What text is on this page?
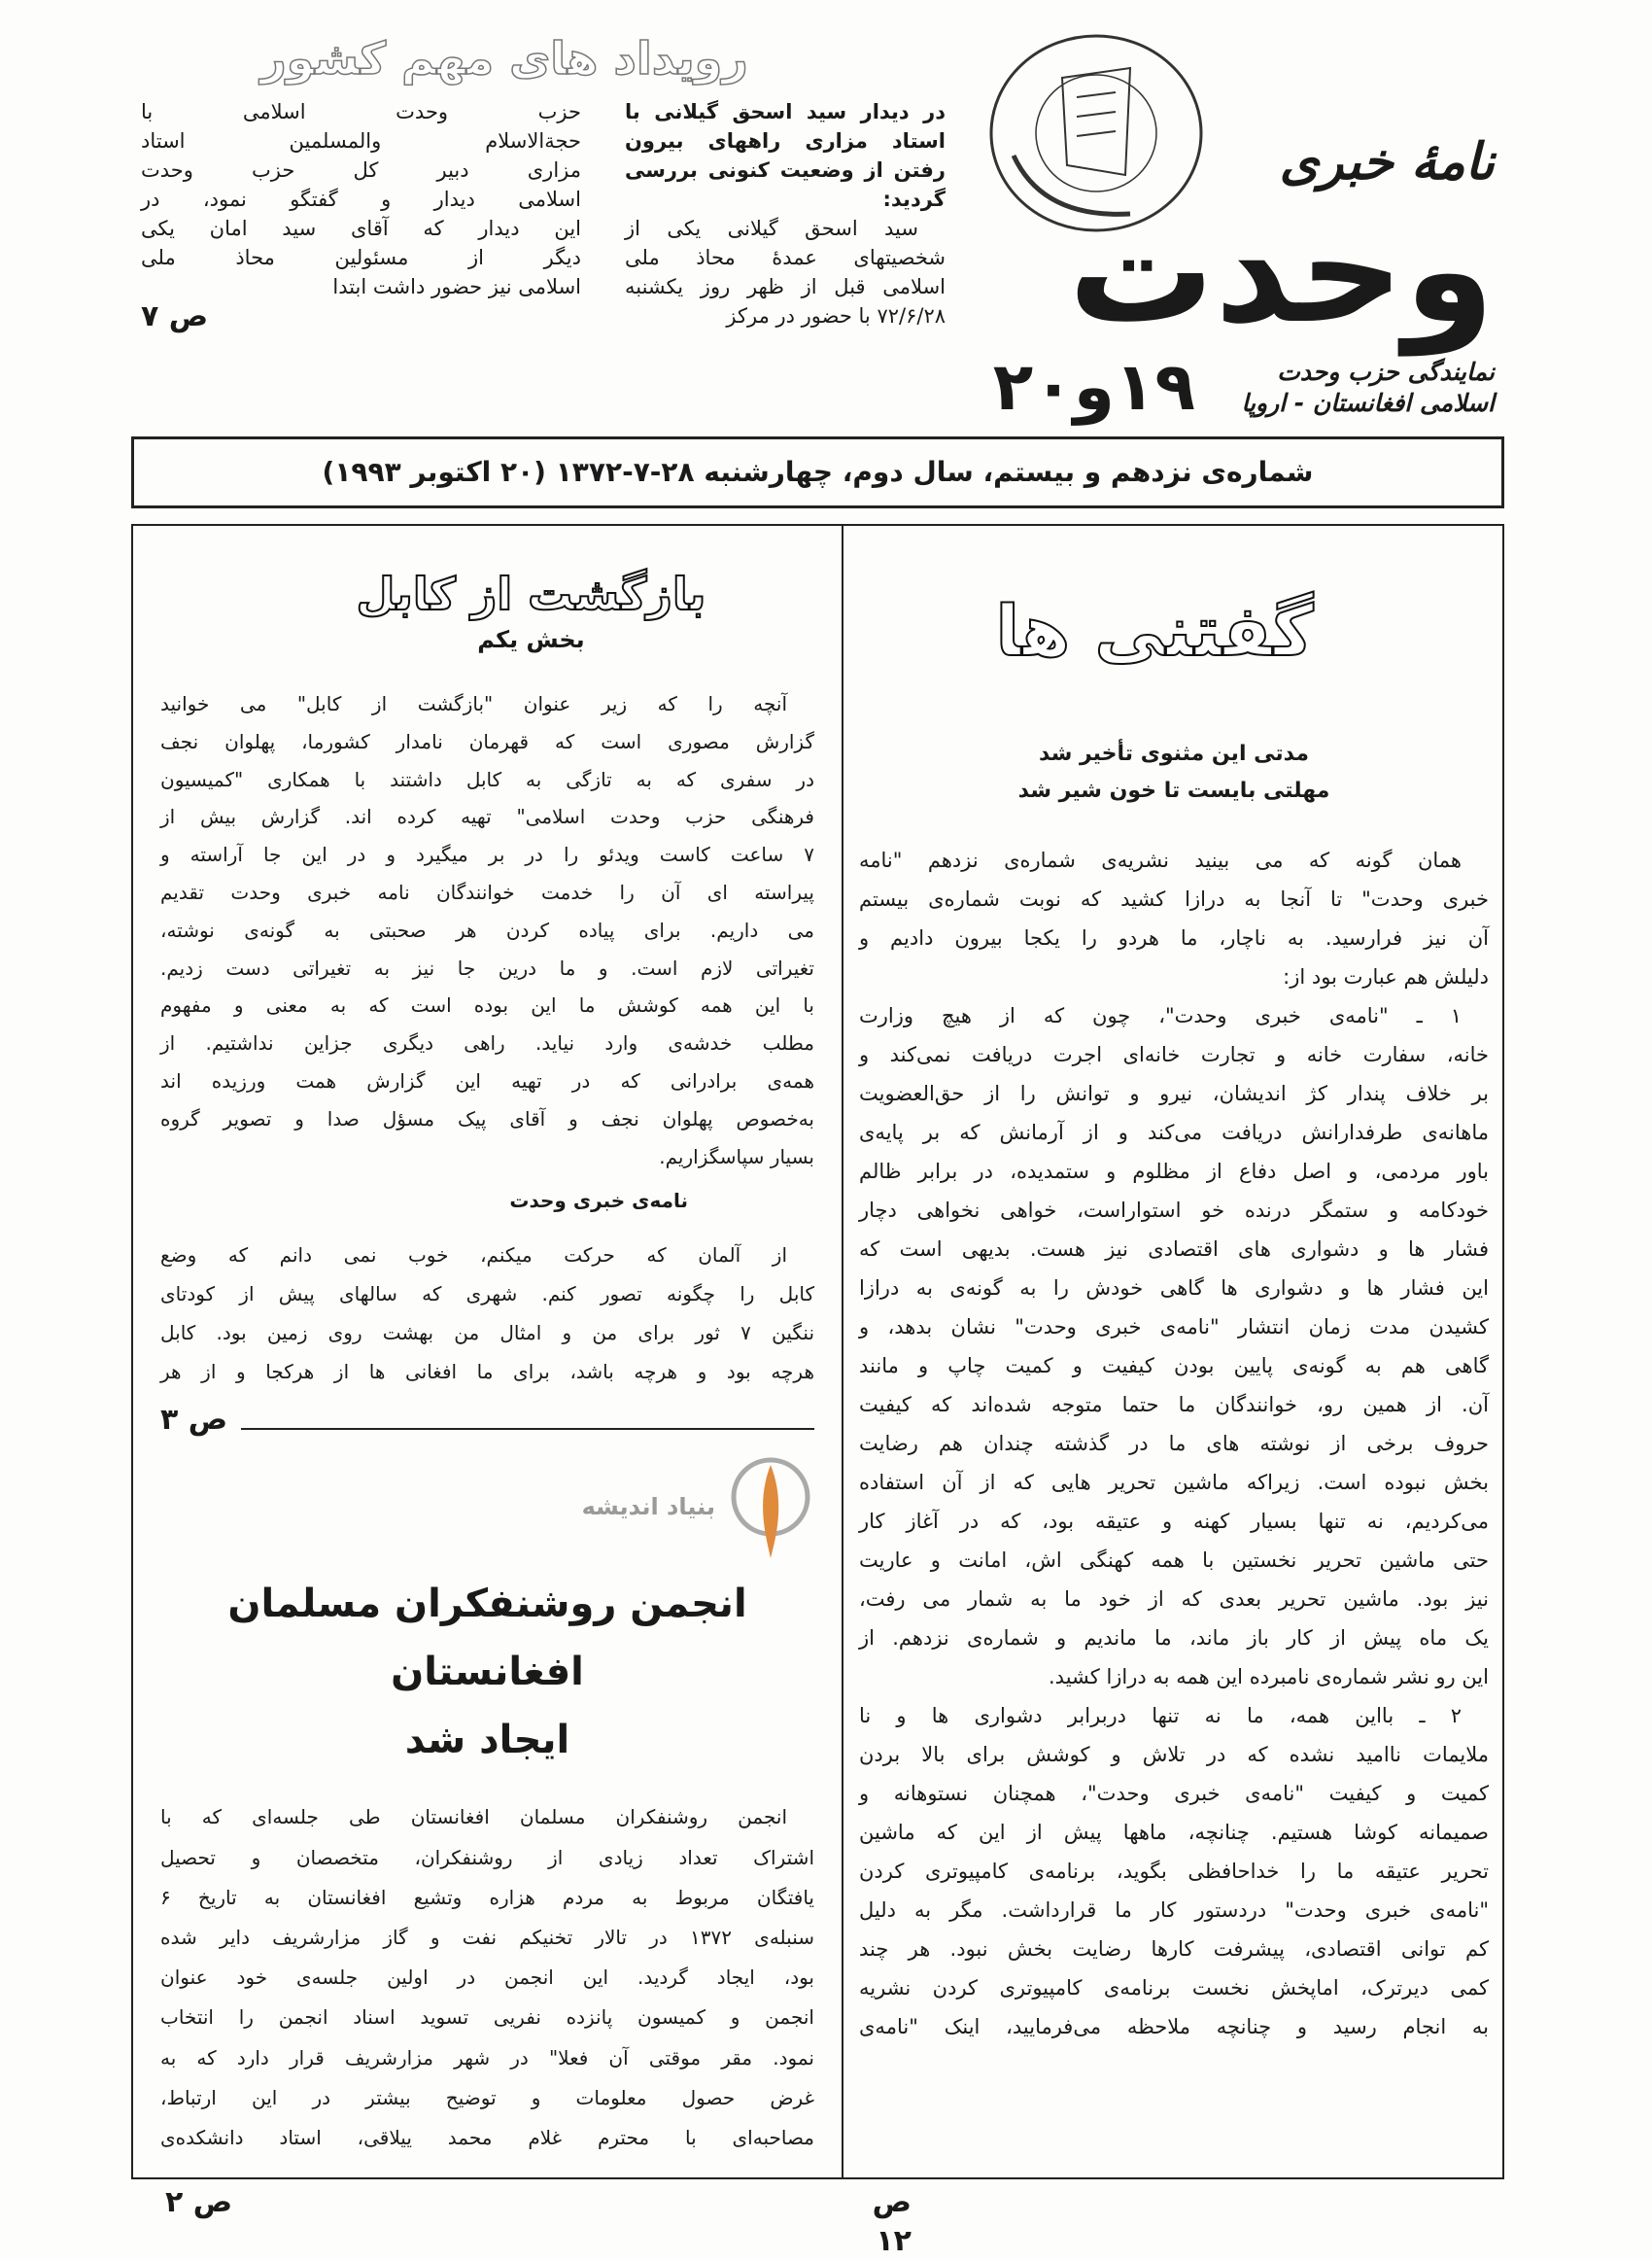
نامهٔ خبری
وحدت
نمایندگی حزب وحدت اسلامی افغانستان - اروپا
۱۹و۲۰
رویداد های مهم کشور
در دیدار سید اسحق گیلانی با
استاد مزاری راههای بیرون
رفتن از وضعیت کنونی بررسی
گردید:
سید اسحق گیلانی یکی از
شخصیتهای عمدهٔ محاذ ملی
اسلامی قبل از ظهر روز یکشنبه
۷۲/۶/۲۸ با حضور در مرکز
حزب وحدت اسلامی با
حجة‌الاسلام والمسلمین استاد
مزاری دبیر کل حزب وحدت
اسلامی دیدار و گفتگو نمود، در
این دیدار که آقای سید امان یکی
دیگر از مسئولین محاذ ملی
اسلامی نیز حضور داشت ابتدا
ص ۷
شماره‌ی نزدهم و بیستم، سال دوم، چهارشنبه ۲۸-۷-۱۳۷۲ (۲۰ اکتوبر ۱۹۹۳)
گفتنی ها
مدتی این مثنوی تأخیر شد
مهلتی بایست تا خون شیر شد
همان گونه که می بینید نشریه‌ی شماره‌ی نزدهم "نامه
خبری وحدت" تا آنجا به درازا کشید که نوبت شماره‌ی بیستم
آن نیز فرارسید. به ناچار، ما هردو را یکجا بیرون دادیم و
دلیلش هم عبارت بود از:
۱ ـ "نامه‌ی خبری وحدت"، چون که از هیچ وزارت
خانه، سفارت خانه و تجارت خانه‌ای اجرت دریافت نمی‌کند و
بر خلاف پندار کژ اندیشان، نیرو و توانش را از حق‌العضویت
ماهانه‌ی طرفدارانش دریافت می‌کند و از آرمانش که بر پایه‌ی
باور مردمی، و اصل دفاع از مظلوم و ستمدیده، در برابر ظالم
خودکامه و ستمگر درنده خو استواراست، خواهی نخواهی دچار
فشار ها و دشواری های اقتصادی نیز هست. بدیهی است که
این فشار ها و دشواری ها گاهی خودش را به گونه‌ی به درازا
کشیدن مدت زمان انتشار "نامه‌ی خبری وحدت" نشان بدهد، و
گاهی هم به گونه‌ی پایین بودن کیفیت و کمیت چاپ و مانند
آن. از همین رو، خوانندگان ما حتما متوجه شده‌اند که کیفیت
حروف برخی از نوشته های ما در گذشته چندان هم رضایت
بخش نبوده است. زیراکه ماشین تحریر هایی که از آن استفاده
می‌کردیم، نه تنها بسیار کهنه و عتیقه بود، که در آغاز کار
حتی ماشین تحریر نخستین با همه کهنگی اش، امانت و عاریت
نیز بود. ماشین تحریر بعدی که از خود ما به شمار می رفت،
یک ماه پیش از کار باز ماند، ما ماندیم و شماره‌ی نزدهم. از
این رو نشر شماره‌ی نامبرده این همه به درازا کشید.
۲ ـ بااین همه، ما نه تنها دربرابر دشواری ها و نا
ملایمات ناامید نشده که در تلاش و کوشش برای بالا بردن
کمیت و کیفیت "نامه‌ی خبری وحدت"، همچنان نستوهانه و
صمیمانه کوشا هستیم. چنانچه، ماهها پیش از این که ماشین
تحریر عتیقه ما را خداحافظی بگوید، برنامه‌ی کامپیوتری کردن
"نامه‌ی خبری وحدت" دردستور کار ما قرارداشت. مگر به دلیل
کم توانی اقتصادی، پیشرفت کارها رضایت بخش نبود. هر چند
کمی دیرترک، اماپخش نخست برنامه‌ی کامپیوتری کردن نشریه
به انجام رسید و چنانچه ملاحظه می‌فرمایید، اینک "نامه‌ی
بازگشت از کابل
بخش یکم
آنچه را که زیر عنوان "بازگشت از کابل" می خوانید
گزارش مصوری است که قهرمان نامدار کشورما، پهلوان نجف
در سفری که به تازگی به کابل داشتند با همکاری "کمیسیون
فرهنگی حزب وحدت اسلامی" تهیه کرده اند. گزارش بیش از
۷ ساعت کاست ویدئو را در بر میگیرد و در این جا آراسته و
پیراسته ای آن را خدمت خوانندگان نامه خبری وحدت تقدیم
می داریم. برای پیاده کردن هر صحبتی به گونه‌ی نوشته،
تغیراتی لازم است. و ما درین جا نیز به تغیراتی دست زدیم.
با این همه کوشش ما این بوده است که به معنی و مفهوم
مطلب خدشه‌ی وارد نیاید. راهی دیگری جزاین نداشتیم. از
همه‌ی برادرانی که در تهیه این گزارش همت ورزیده اند
به‌خصوص پهلوان نجف و آقای پیک مسؤل صدا و تصویر گروه
بسیار سپاسگزاریم.
نامه‌ی خبری وحدت
از آلمان که حرکت میکنم، خوب نمی دانم که وضع
کابل را چگونه تصور کنم. شهری که سالهای پیش از کودتای
ننگین ۷ ثور برای من و امثال من بهشت روی زمین بود. کابل
هرچه بود و هرچه باشد، برای ما افغانی ها از هرکجا و از هر
ص ۳
بنیاد اندیشه
انجمن روشنفکران مسلمان افغانستان
ایجاد شد
انجمن روشنفکران مسلمان افغانستان طی جلسه‌ای که با
اشتراک تعداد زیادی از روشنفکران، متخصصان و تحصیل
یافتگان مربوط به مردم هزاره وتشیع افغانستان به تاریخ ۶
سنبله‌ی ۱۳۷۲ در تالار تخنیکم نفت و گاز مزارشریف دایر شده
بود، ایجاد گردید. این انجمن در اولین جلسه‌ی خود عنوان
انجمن و کمیسون پانزده نفریی تسوید اسناد انجمن را انتخاب
نمود. مقر موقتی آن فعلا" در شهر مزارشریف قرار دارد که به
غرض حصول معلومات و توضیح بیشتر در این ارتباط،
مصاحبه‌ای با محترم غلام محمد ییلاقی، استاد دانشکده‌ی
ص ۱۲
ص ۲
